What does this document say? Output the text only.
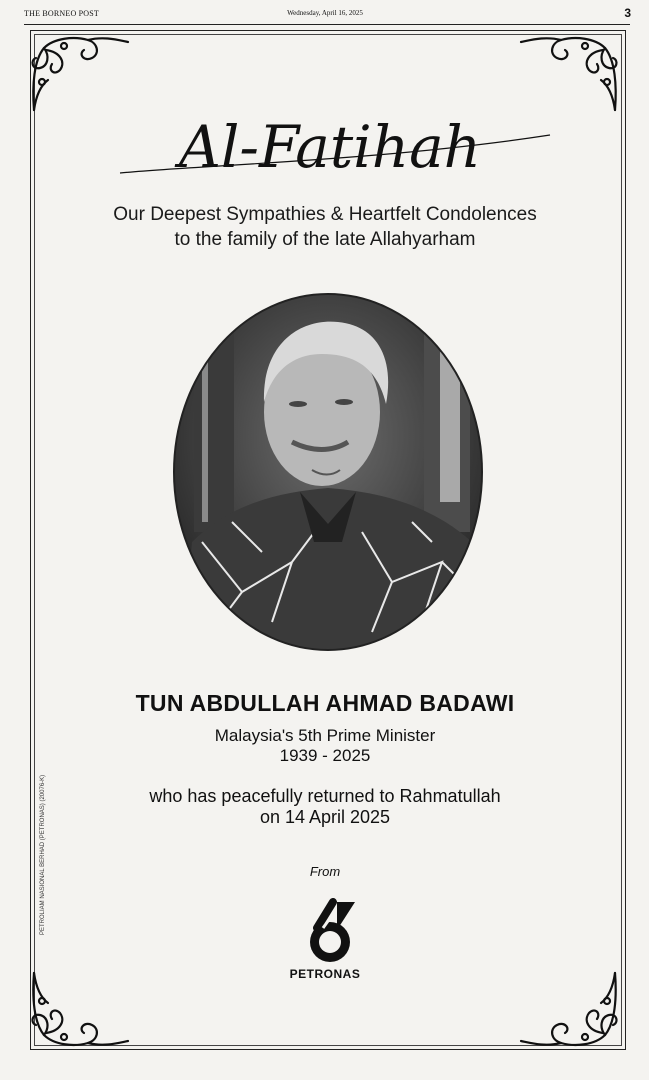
THE BORNEO POST	Wednesday, April 16, 2025	3
Al-Fatihah
Our Deepest Sympathies & Heartfelt Condolences
to the family of the late Allahyarham
TUN ABDULLAH AHMAD BADAWI
Malaysia's 5th Prime Minister
1939 - 2025
who has peacefully returned to Rahmatullah
on 14 April 2025
From
PETRONAS
PETROLIAM NASIONAL BERHAD (PETRONAS) (20076-K)
